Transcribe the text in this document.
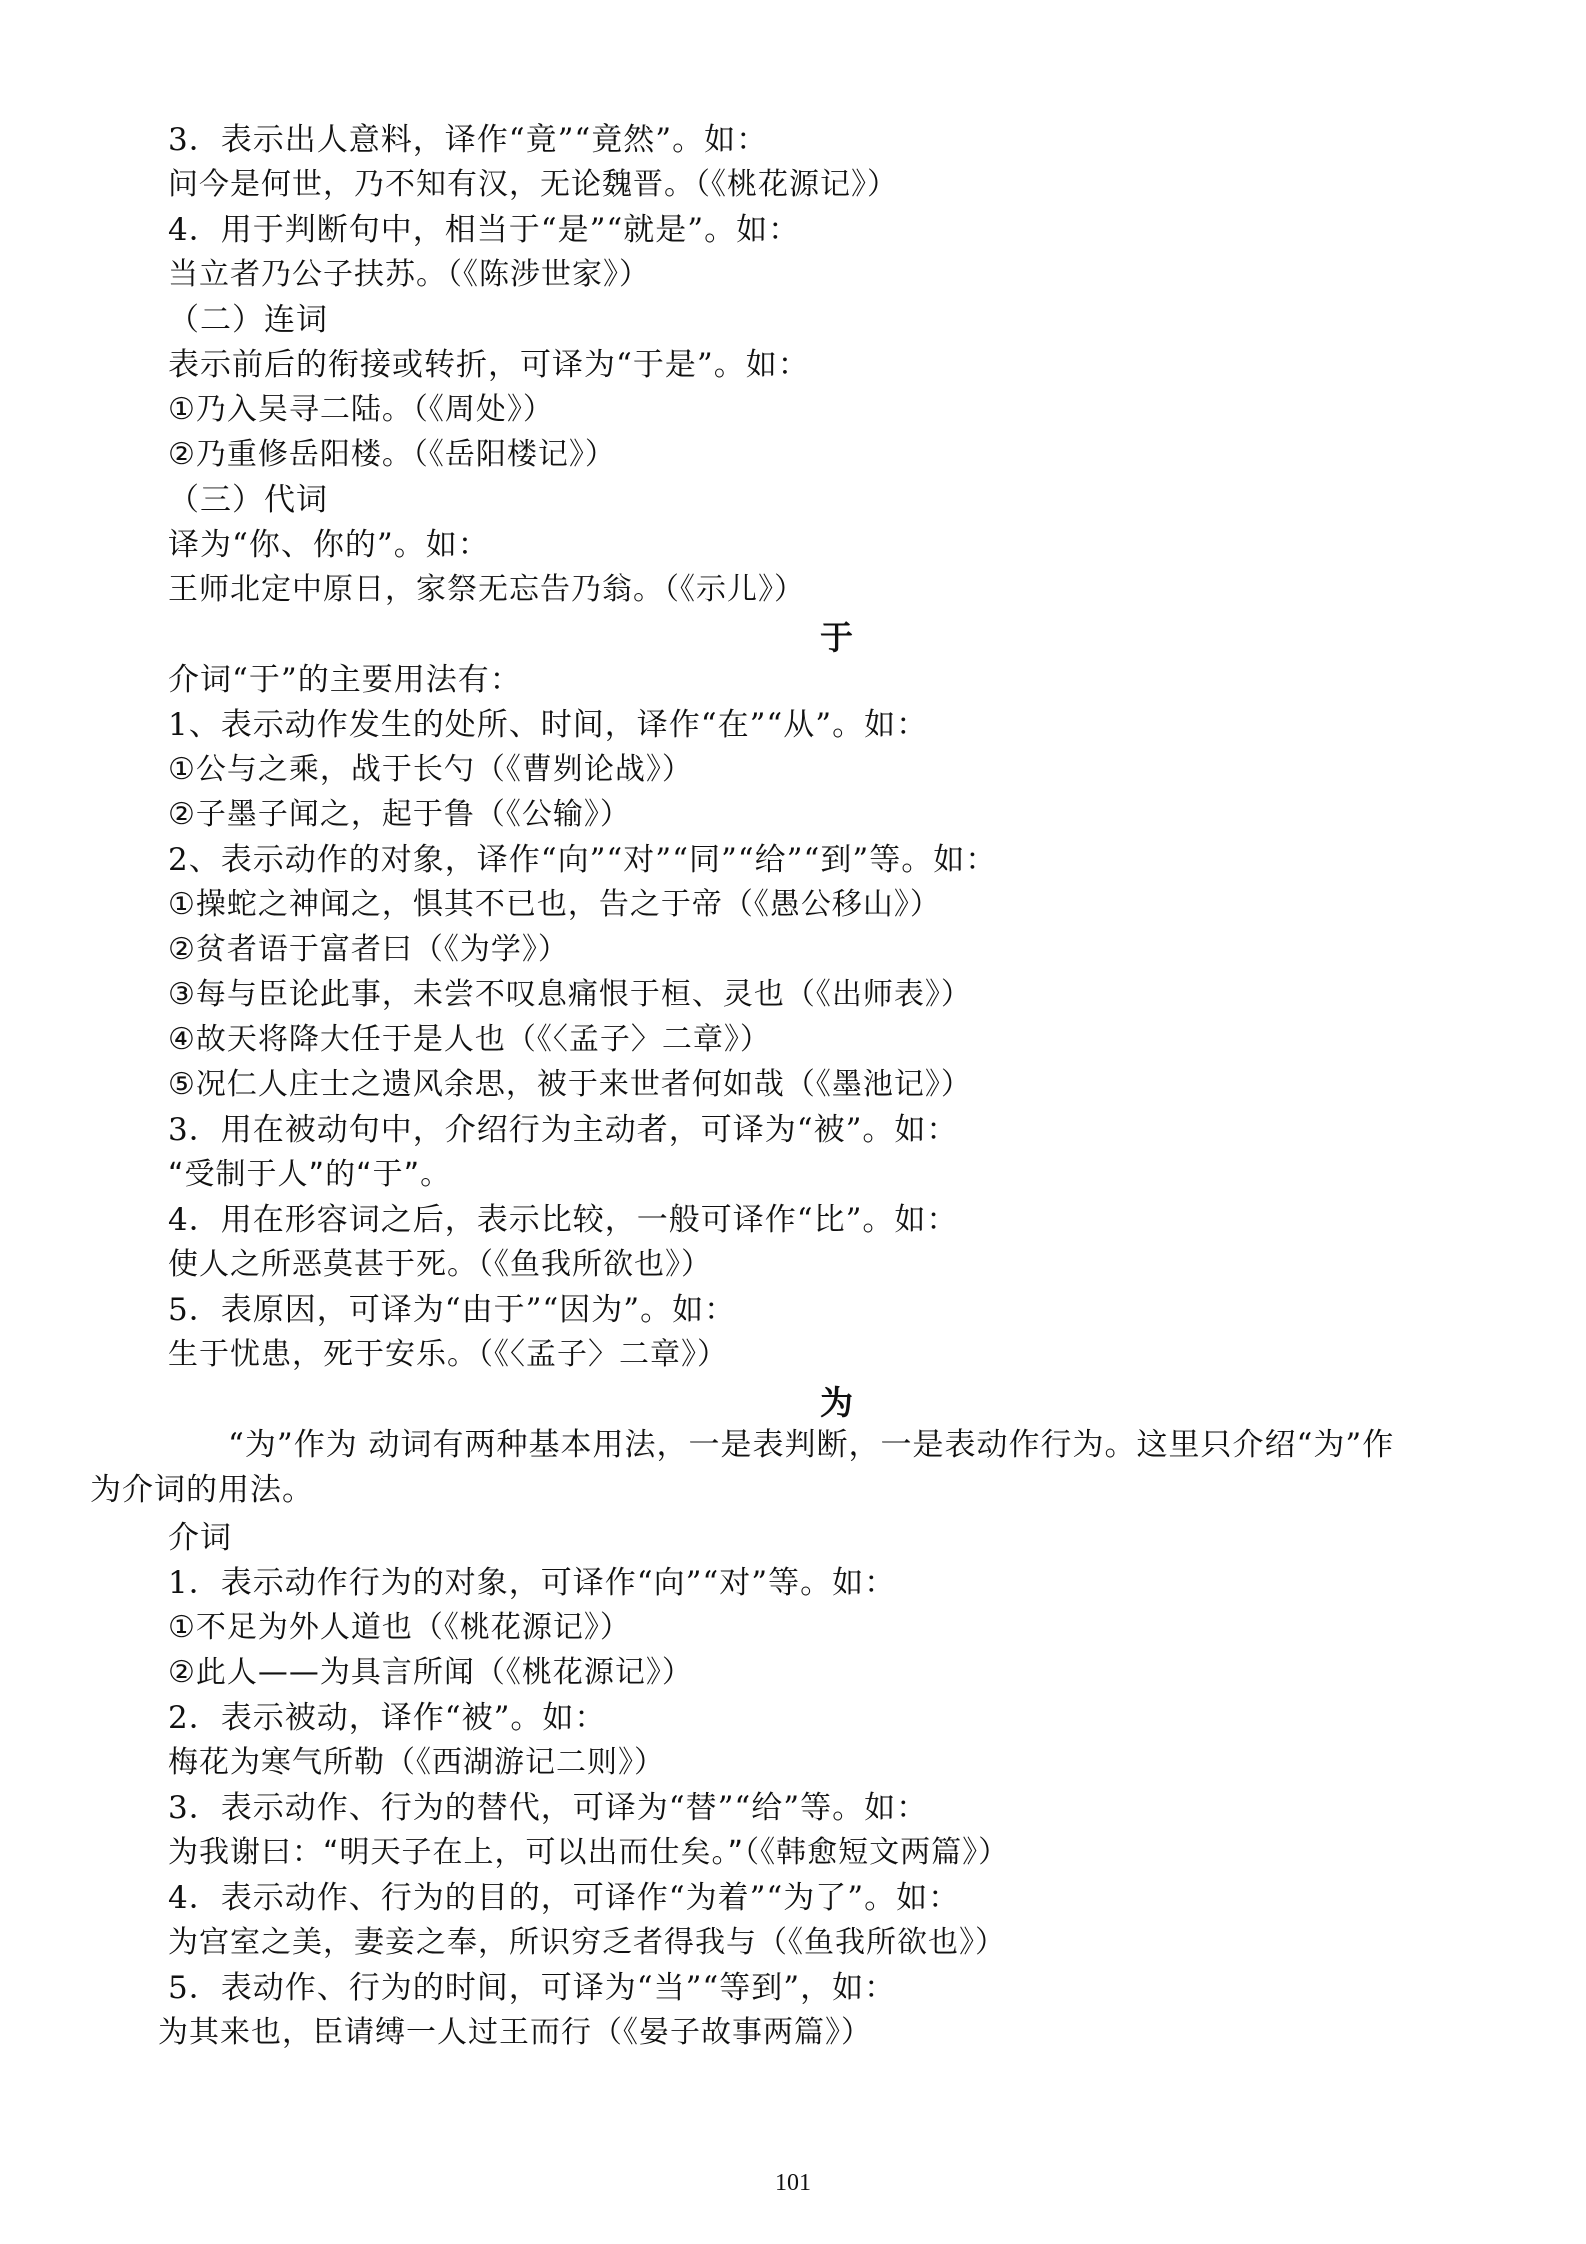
3．表示出人意料，译作“竟”“竟然”。如：
问今是何世，乃不知有汉，无论魏晋。（《桃花源记》）
4．用于判断句中，相当于“是”“就是”。如：
当立者乃公子扶苏。（《陈涉世家》）
（二）连词
表示前后的衔接或转折，可译为“于是”。如：
①乃入吴寻二陆。（《周处》）
②乃重修岳阳楼。（《岳阳楼记》）
（三）代词
译为“你、你的”。如：
王师北定中原日，家祭无忘告乃翁。（《示儿》）
于
介词“于”的主要用法有：
1、表示动作发生的处所、时间，译作“在”“从”。如：
①公与之乘，战于长勺（《曹刿论战》）
②子墨子闻之，起于鲁（《公输》）
2、表示动作的对象，译作“向”“对”“同”“给”“到”等。如：
①操蛇之神闻之，惧其不已也，告之于帝（《愚公移山》）
②贫者语于富者曰（《为学》）
③每与臣论此事，未尝不叹息痛恨于桓、灵也（《出师表》）
④故天将降大任于是人也（《〈孟子〉二章》）
⑤况仁人庄士之遗风余思，被于来世者何如哉（《墨池记》）
3．用在被动句中，介绍行为主动者，可译为“被”。如：
“受制于人”的“于”。
4．用在形容词之后，表示比较，一般可译作“比”。如：
使人之所恶莫甚于死。（《鱼我所欲也》）
5．表原因，可译为“由于”“因为”。如：
生于忧患，死于安乐。（《〈孟子〉二章》）
为
“为”作为 动词有两种基本用法，一是表判断，一是表动作行为。这里只介绍“为”作
为介词的用法。
介词
1．表示动作行为的对象，可译作“向”“对”等。如：
①不足为外人道也（《桃花源记》）
②此人——为具言所闻（《桃花源记》）
2．表示被动，译作“被”。如：
梅花为寒气所勒（《西湖游记二则》）
3．表示动作、行为的替代，可译为“替”“给”等。如：
为我谢曰：“明天子在上，可以出而仕矣。”（《韩愈短文两篇》）
4．表示动作、行为的目的，可译作“为着”“为了”。如：
为宫室之美，妻妾之奉，所识穷乏者得我与（《鱼我所欲也》）
5．表动作、行为的时间，可译为“当”“等到”，如：
为其来也，臣请缚一人过王而行（《晏子故事两篇》）
101
